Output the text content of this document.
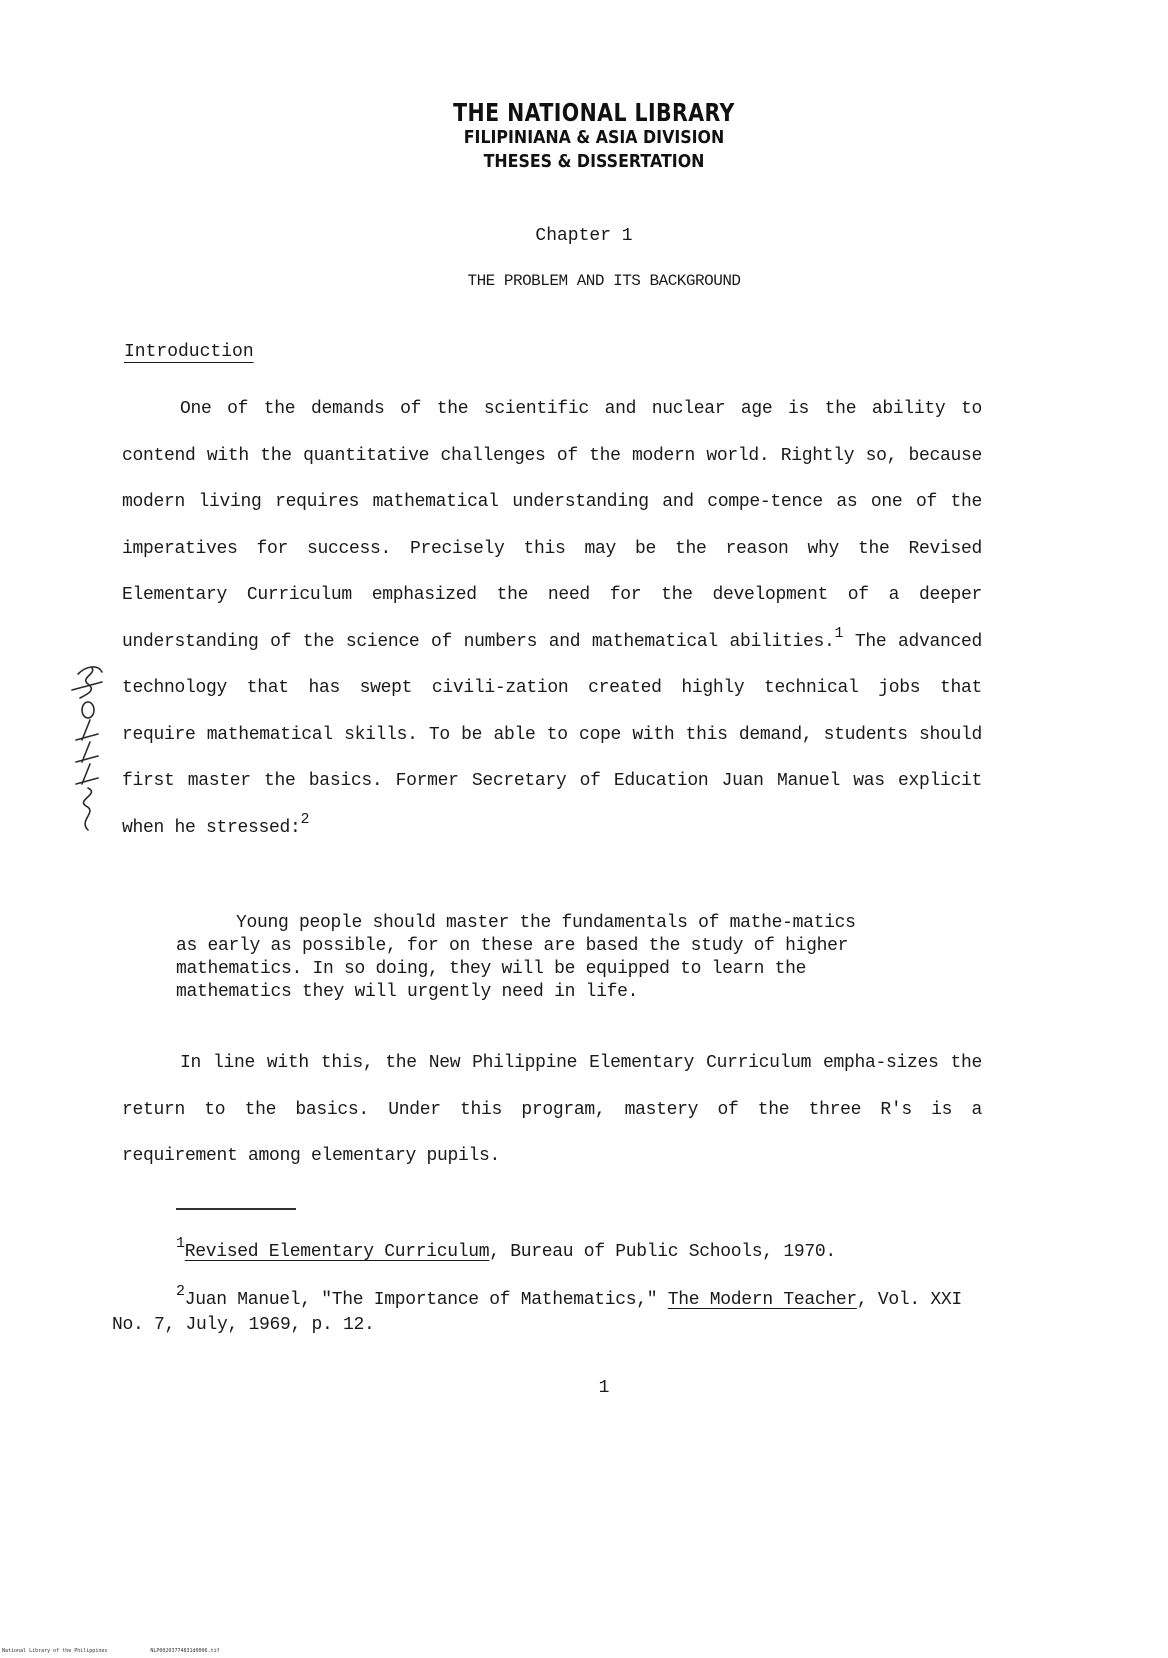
THE NATIONAL LIBRARY
FILIPINIANA & ASIA DIVISION
THESES & DISSERTATION
Chapter 1
THE PROBLEM AND ITS BACKGROUND
Introduction
One of the demands of the scientific and nuclear age is the ability to contend with the quantitative challenges of the modern world. Rightly so, because modern living requires mathematical understanding and compe-tence as one of the imperatives for success. Precisely this may be the reason why the Revised Elementary Curriculum emphasized the need for the development of a deeper understanding of the science of numbers and mathematical abilities.$^1$ The advanced technology that has swept civili-zation created highly technical jobs that require mathematical skills. To be able to cope with this demand, students should first master the basics. Former Secretary of Education Juan Manuel was explicit when he stressed:$^2$
Young people should master the fundamentals of mathe-matics as early as possible, for on these are based the study of higher mathematics. In so doing, they will be equipped to learn the mathematics they will urgently need in life.
In line with this, the New Philippine Elementary Curriculum empha-sizes the return to the basics. Under this program, mastery of the three R's is a requirement among elementary pupils.
$^1$Revised Elementary Curriculum, Bureau of Public Schools, 1970.
$^2$Juan Manuel, "The Importance of Mathematics," The Modern Teacher, Vol. XXI No. 7, July, 1969, p. 12.
1
National Library of the Philippines	NLP00203774831d0006.tif
